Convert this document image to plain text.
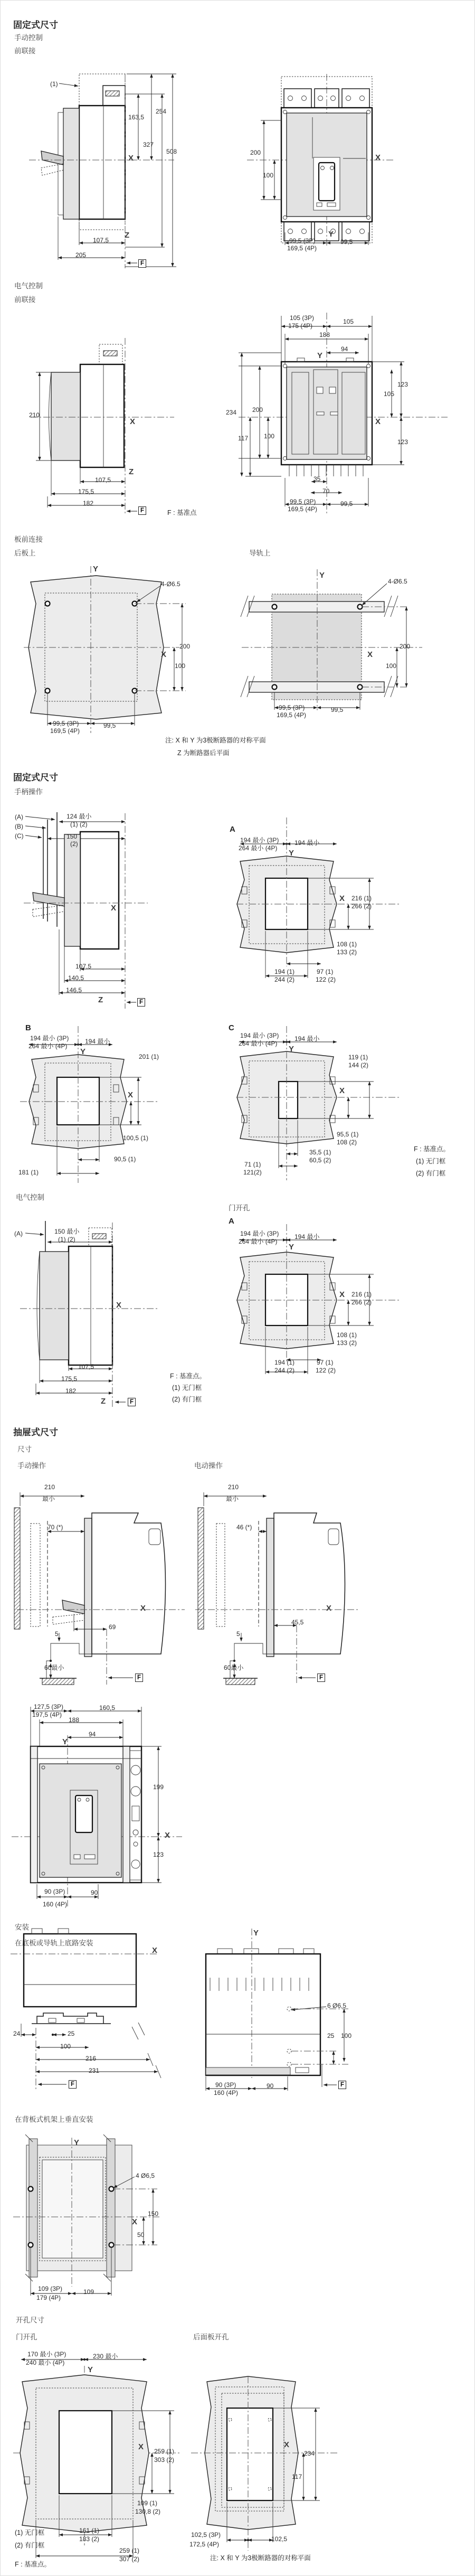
固定式尺寸
手动控制
前联接
电气控制
前联接
板前连接
后板上	导轨上
注: X 和 Y 为3极断路器的对称平面
Z 为断路器后平面
固定式尺寸
手柄操作
电气控制
门开孔
A
抽屉式尺寸
尺寸
手动操作	电动操作
安装
在底板或导轨上底路安装
在背板式机架上垂直安装
开孔尺寸
门开孔	后面板开孔
F : 基准点
F : 基准点。
(1) 无门框
(2) 有门框
F : 基准点。
(1) 无门框
(2) 有门框
(1) 无门框
(2) 有门框
F : 基准点。
注: X 和 Y 为3极断路器的对称平面
(1)
254
163,5
327
508
X
107,5
Z
205
F
200
100
X
Y
99,5 (3P)
169,5 (4P)
99,5
210
X
107,5
Z
175,5
182
F
105 (3P)
175 (4P)
105
188
94
Y
123
105
234 200
117 100
X
123
35
70
99,5 (3P)
169,5 (4P)
99,5
4-Ø6.5
Y
X
200
100
99,5 (3P)
169,5 (4P)
99,5
Y
4-Ø6.5
200
100
X
99,5 (3P)
169,5 (4P)
99,5
(A)
(B)
(C)
124 最小
(1) (2)
150
(2)
X
107,5
140,5
146,5
Z	F
A
194 最小 (3P)
264 最小 (4P)
194 最小
Y
X 216 (1)
266 (2)
108 (1)
133 (2)
194 (1)
244 (2)
97 (1)
122 (2)
B
194 最小 (3P)
264 最小 (4P)
194 最小
Y
201 (1)
X
100,5 (1)
90,5 (1)
181 (1)
C
194 最小 (3P)
264 最小 (4P)
194 最小
Y
119 (1)
144 (2)
X
95,5 (1)
108 (2)
35,5 (1)
60,5 (2)
71 (1)
121(2)
(A)	150 最小
(1) (2)
X
107,5
175,5
182
Z	F
194 最小 (3P)
264 最小 (4P)
194 最小
Y
X 216 (1)
266 (2)
108 (1)
133 (2)
194 (1)
244 (2)
97 (1)
122 (2)
210
最小
70 (*)
X
69
5
60最小
F
210
最小
46 (*)
X
45,5
5
60最小
F
127,5 (3P)
197,5 (4P)
160,5
188
94
Y
199
X
123
90 (3P)
160 (4P)
90
X
24	25
100
216
231
F
Y
6 Ø6,5
25 100
90 (3P)
160 (4P)
90	F
Y
4 Ø6,5
150
X
50
109 (3P)
179 (4P)
109
170 最小 (3P)
240 最小 (4P)
230 最小
Y
X 259 (1)
303 (2)
109 (1)
130,8 (2)
161 (1)
183 (2)
259 (1)
307 (2)
X
234
117
102,5 (3P)
172,5 (4P)
102,5
